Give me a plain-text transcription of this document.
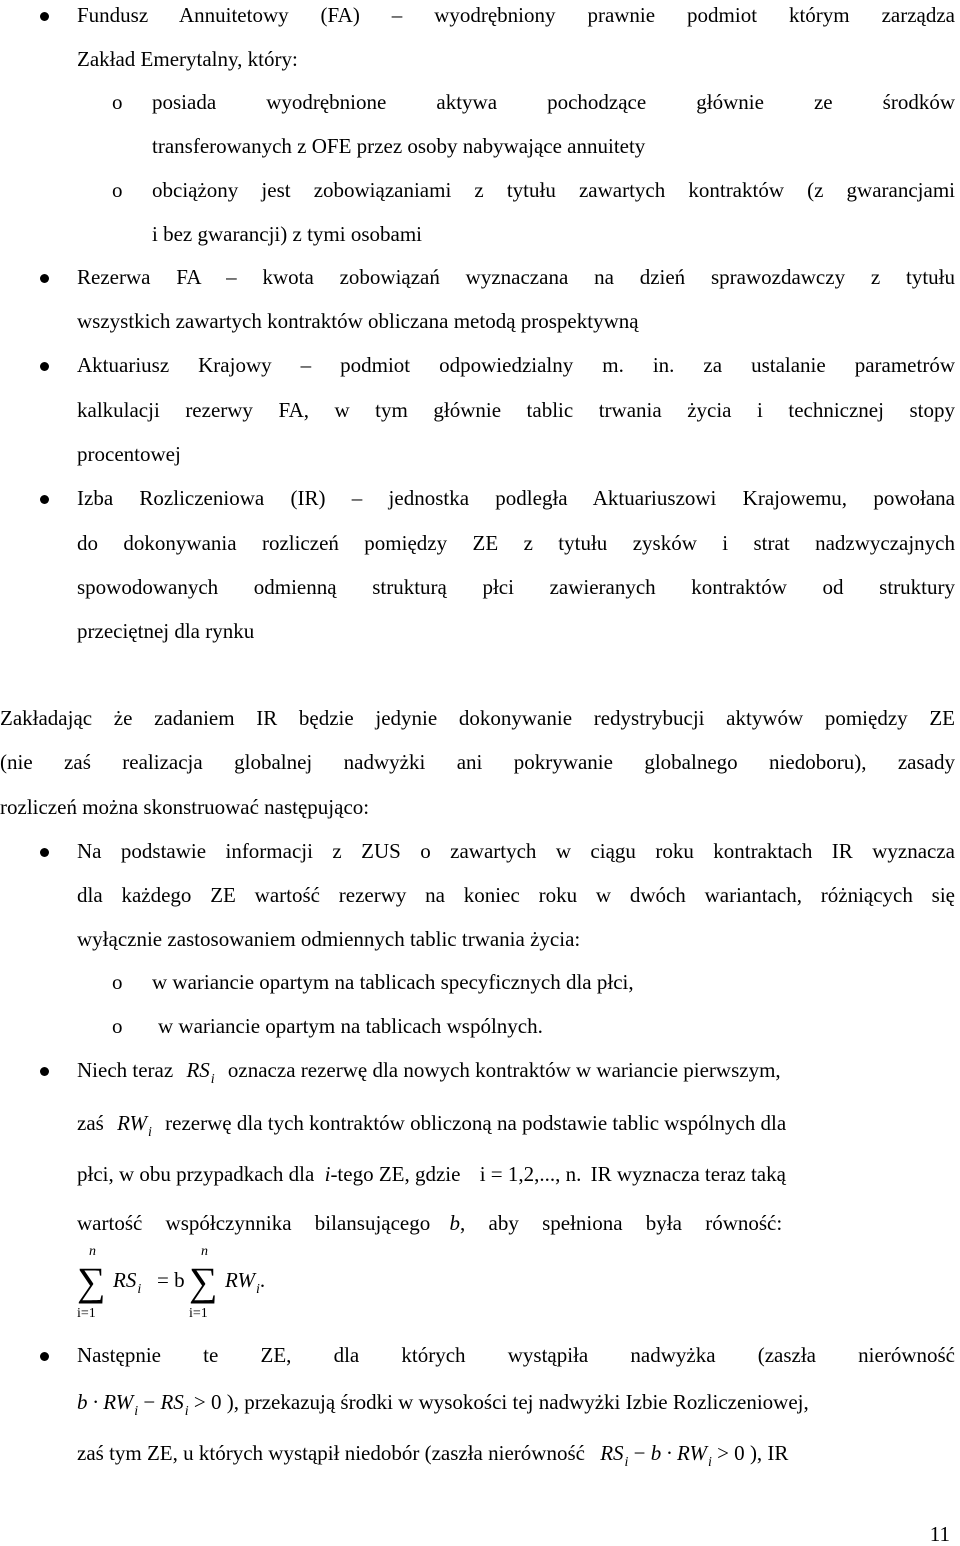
Fundusz Annuitetowy (FA) – wyodrębniony prawnie podmiot którym zarządza
Zakład Emerytalny, który:
o posiada wyodrębnione aktywa pochodzące głównie ze środków
transferowanych z OFE przez osoby nabywające annuitety
o obciążony jest zobowiązaniami z tytułu zawartych kontraktów (z gwarancjami
i bez gwarancji) z tymi osobami
Rezerwa FA – kwota zobowiązań wyznaczana na dzień sprawozdawczy z tytułu
wszystkich zawartych kontraktów obliczana metodą prospektywną
Aktuariusz Krajowy – podmiot odpowiedzialny m. in. za ustalanie parametrów
kalkulacji rezerwy FA, w tym głównie tablic trwania życia i technicznej stopy
procentowej
Izba Rozliczeniowa (IR) – jednostka podległa Aktuariuszowi Krajowemu, powołana
do dokonywania rozliczeń pomiędzy ZE z tytułu zysków i strat nadzwyczajnych
spowodowanych odmienną strukturą płci zawieranych kontraktów od struktury
przeciętnej dla rynku
Zakładając że zadaniem IR będzie jedynie dokonywanie redystrybucji aktywów pomiędzy ZE
(nie zaś realizacja globalnej nadwyżki ani pokrywanie globalnego niedoboru), zasady
rozliczeń można skonstruować następująco:
Na podstawie informacji z ZUS o zawartych w ciągu roku kontraktach IR wyznacza
dla każdego ZE wartość rezerwy na koniec roku w dwóch wariantach, różniących się
wyłącznie zastosowaniem odmiennych tablic trwania życia:
o w wariancie opartym na tablicach specyficznych dla płci,
o w wariancie opartym na tablicach wspólnych.
Niech teraz $RS_i$ oznacza rezerwę dla nowych kontraktów w wariancie pierwszym,
zaś $RW_i$ rezerwę dla tych kontraktów obliczoną na podstawie tablic wspólnych dla
płci, w obu przypadkach dla i-tego ZE, gdzie i = 1,2,..., n. IR wyznacza teraz taką
wartość współczynnika bilansującego b, aby spełniona była równość:
n
∑
i=1
$RS_i = b$
n
∑
i=1
$RW_i$.
Następnie te ZE, dla których wystąpiła nadwyżka (zaszła nierówność
$b \cdot RW_i - RS_i > 0$ ), przekazują środki w wysokości tej nadwyżki Izbie Rozliczeniowej,
zaś tym ZE, u których wystąpił niedobór (zaszła nierówność $RS_i - b \cdot RW_i > 0$ ), IR
11
